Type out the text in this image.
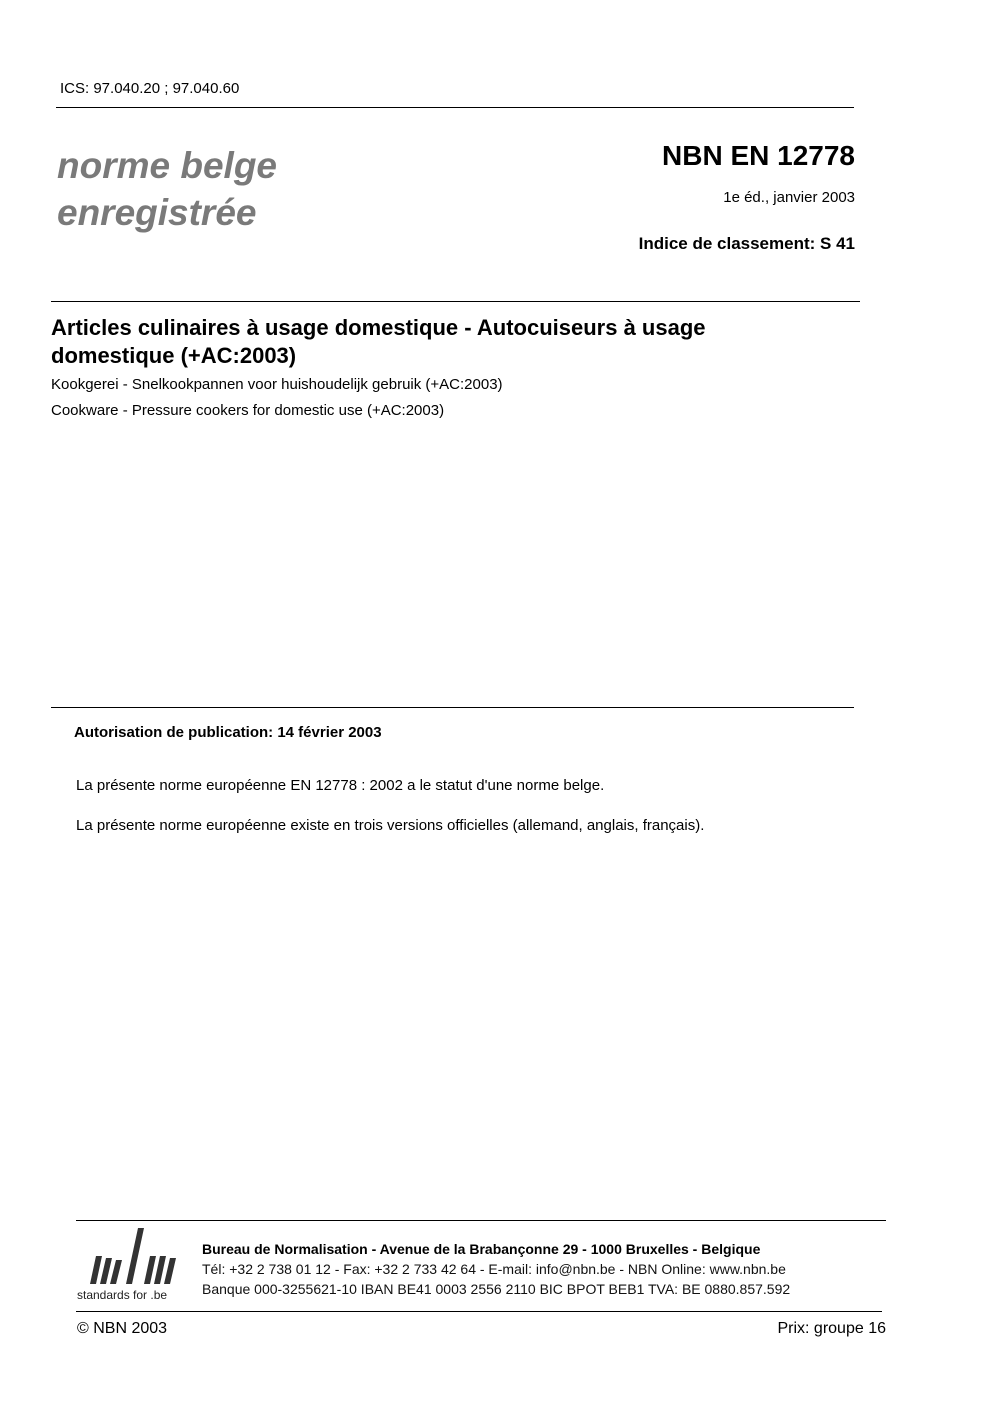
ICS: 97.040.20 ; 97.040.60
norme belge
enregistrée
NBN EN 12778
1e éd., janvier 2003
Indice de classement: S 41
Articles culinaires à usage domestique - Autocuiseurs à usage domestique (+AC:2003)
Kookgerei - Snelkookpannen voor huishoudelijk gebruik (+AC:2003)
Cookware - Pressure cookers for domestic use (+AC:2003)
Autorisation de publication: 14 février 2003
La présente norme européenne EN 12778 : 2002 a le statut d'une norme belge.
La présente norme européenne existe en trois versions officielles (allemand, anglais, français).
standards for .be
Bureau de Normalisation - Avenue de la Brabançonne 29 - 1000 Bruxelles - Belgique
Tél: +32 2 738 01 12 - Fax: +32 2 733 42 64 - E-mail: info@nbn.be - NBN Online: www.nbn.be
Banque 000-3255621-10 IBAN BE41 0003 2556 2110 BIC BPOT BEB1 TVA: BE 0880.857.592
© NBN 2003	Prix: groupe 16
